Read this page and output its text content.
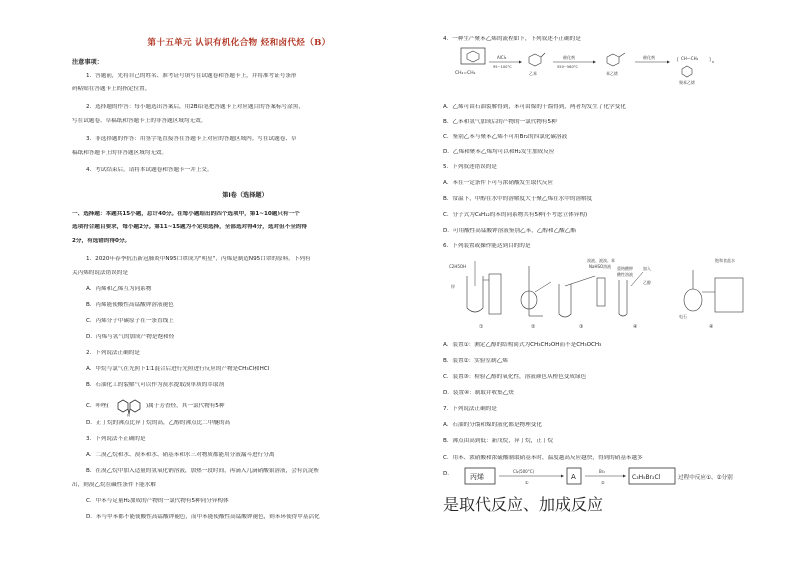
第十五单元 认识有机化合物 烃和卤代烃（B）
注意事项：
1．答题前，先将自己的姓名、准考证号填写在试题卷和答题卡上，并将准考证号条形
码粘贴在答题卡上的指定位置。
2．选择题的作答：每小题选出答案后，用2B铅笔把答题卡上对应题目的答案标号涂黑，
写在试题卷、草稿纸和答题卡上的非答题区域均无效。
3．非选择题的作答：用签字笔直接答在答题卡上对应的答题区域内。写在试题卷、草
稿纸和答题卡上的非答题区域均无效。
4．考试结束后，请将本试题卷和答题卡一并上交。
第Ⅰ卷（选择题）
一、选择题：本题共15小题，总计40分。在每小题给出的四个选项中，第1~10题只有一个
选项符合题目要求，每小题2分。第11~15题为不定项选择，全部选对得4分，选对但不全的得
2分，有选错的得0分。
1．2020年春季抗击新冠肺炎中N95口罩成为"明星"，丙烯是制造N95口罩的原料。下列有
关丙烯的说法错误的是
A．丙烯和乙烯互为同系物
B．丙烯能使酸性高锰酸钾溶液褪色
C．丙烯分子中碳原子在一条直线上
D．丙烯与氢气的加成产物是饱和烃
2．下列说法正确的是
A．甲烷与氯气在光照下1∶1混合后进行光照进行反应的产物是CH₃Cl和HCl
B．石油化工的裂解气可以作为溴水提取溴单质的萃取剂
C．咔唑(
N
)属于芳香烃，其一氯代物有5种
D．正丁烷的沸点比异丁烷的高，乙醇的沸点比二甲醚的高
3．下列说法不正确的是
A．二溴乙烷和水、溴苯和水、硝基苯和水三对物质都能用分液漏斗进行分离
B．在溴乙烷中加入适量的氢氧化钠溶液，加热一段时间，再滴入几滴硝酸银溶液，会有沉淀析
出，则溴乙烷在碱性条件下能水解
C．甲苯与足量H₂加成的产物的一氯代物有5种同分异构体
D．苯与甲苯都不能使酸性高锰酸钾褪色，而甲苯能使酸性高锰酸钾褪色，则苯环使得甲基活化
4．一种生产聚苯乙烯的流程如下，下列叙述不正确的是
CH₂=CH₂
AlCl₃
95~100°C
乙苯
催化剂
550~560°C
苯乙烯
催化剂
[ CH—CH₂ ] n
聚苯乙烯
A．乙烯可由石油裂解得到，苯可由煤的干馏得到，两者均发生了化学变化
B．乙苯和氢气加成后的产物的一氯代物有5种
C．鉴别乙苯与聚苯乙烯不可用Br₂的四氯化碳溶液
D．乙烯和聚苯乙烯均可以和H₂发生加成反应
5．下列叙述错误的是
A．苯在一定条件下可与浓硝酸发生取代反应
B．常温下，甲醇在水中的溶解度大于聚乙烯在水中的溶解度
C．分子式为C₆H₁₂的苯的同系物共有5种(不考虑立体异构)
D．可用酸性高锰酸钾溶液鉴别乙苯，乙醇和乙酸乙酯
6．下列装置或操作能达到目的的是
C2H5OH
锌
①	②
溴液、液溴、苯
NaHSO溶液
③
重铬酸钾
酸性溶液
加入
乙醇
④
饱和食盐水
电石
④
A．装置①：测定乙醇的结构简式为CH₃CH₂OH而不是CH₃OCH₃
B．装置②：实验室制乙烯
C．装置③：检验乙醇的氧化性，溶液颜色从橙色变成绿色
D．装置④：制取并收集乙炔
7．下列说法正确的是
A．石油的分馏和煤的液化都是物理变化
B．沸点由高到低：新戊烷，异丁烷，正丁烷
C．用苯、浓硝酸和浓硫酸制取硝基苯时，温度越高反应越快，得到的硝基苯越多
D．	丙烯
Cl₂(500°C)
①
A
Br₂
②
C₃H₅Br₂Cl	过程中反应①、②分别
是取代反应、加成反应
